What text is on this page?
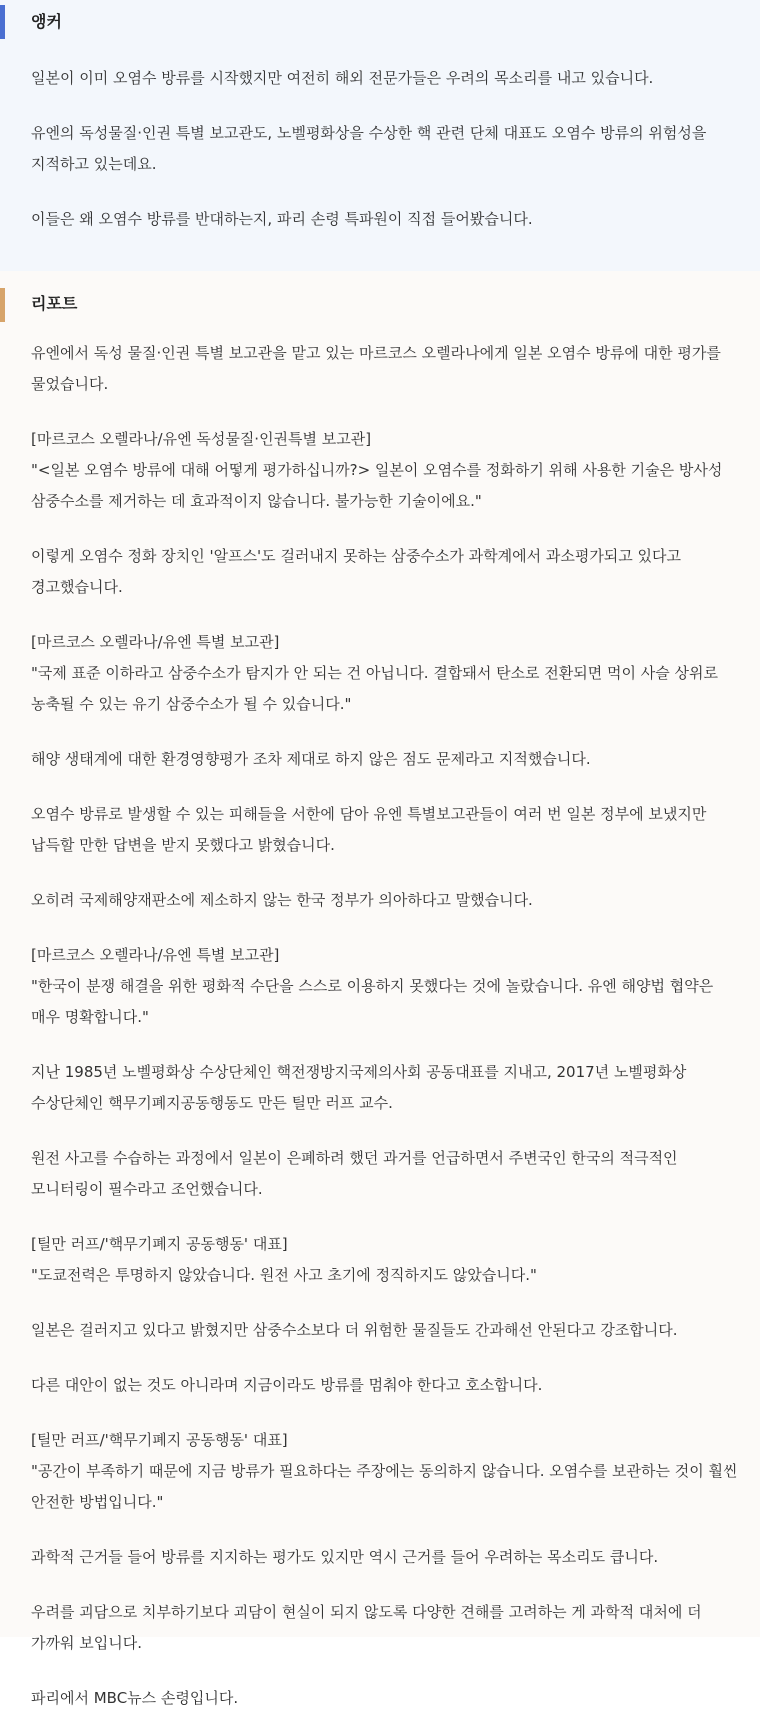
앵커

일본이 이미 오염수 방류를 시작했지만 여전히 해외 전문가들은 우려의 목소리를 내고 있습니다.

유엔의 독성물질·인권 특별 보고관도, 노벨평화상을 수상한 핵 관련 단체 대표도 오염수 방류의 위험성을 지적하고 있는데요.

이들은 왜 오염수 방류를 반대하는지, 파리 손령 특파원이 직접 들어봤습니다.

리포트

유엔에서 독성 물질·인권 특별 보고관을 맡고 있는 마르코스 오렐라나에게 일본 오염수 방류에 대한 평가를 물었습니다.

[마르코스 오렐라나/유엔 독성물질·인권특별 보고관]
"<일본 오염수 방류에 대해 어떻게 평가하십니까?> 일본이 오염수를 정화하기 위해 사용한 기술은 방사성 삼중수소를 제거하는 데 효과적이지 않습니다. 불가능한 기술이에요."

이렇게 오염수 정화 장치인 '알프스'도 걸러내지 못하는 삼중수소가 과학계에서 과소평가되고 있다고 경고했습니다.

[마르코스 오렐라나/유엔 특별 보고관]
"국제 표준 이하라고 삼중수소가 탐지가 안 되는 건 아닙니다. 결합돼서 탄소로 전환되면 먹이 사슬 상위로 농축될 수 있는 유기 삼중수소가 될 수 있습니다."

해양 생태계에 대한 환경영향평가 조차 제대로 하지 않은 점도 문제라고 지적했습니다.

오염수 방류로 발생할 수 있는 피해들을 서한에 담아 유엔 특별보고관들이 여러 번 일본 정부에 보냈지만 납득할 만한 답변을 받지 못했다고 밝혔습니다.

오히려 국제해양재판소에 제소하지 않는 한국 정부가 의아하다고 말했습니다.

[마르코스 오렐라나/유엔 특별 보고관]
"한국이 분쟁 해결을 위한 평화적 수단을 스스로 이용하지 못했다는 것에 놀랐습니다. 유엔 해양법 협약은 매우 명확합니다."

지난 1985년 노벨평화상 수상단체인 핵전쟁방지국제의사회 공동대표를 지내고, 2017년 노벨평화상 수상단체인 핵무기폐지공동행동도 만든 틸만 러프 교수.

원전 사고를 수습하는 과정에서 일본이 은폐하려 했던 과거를 언급하면서 주변국인 한국의 적극적인 모니터링이 필수라고 조언했습니다.

[틸만 러프/'핵무기폐지 공동행동' 대표]
"도쿄전력은 투명하지 않았습니다. 원전 사고 초기에 정직하지도 않았습니다."

일본은 걸러지고 있다고 밝혔지만 삼중수소보다 더 위험한 물질들도 간과해선 안된다고 강조합니다.

다른 대안이 없는 것도 아니라며 지금이라도 방류를 멈춰야 한다고 호소합니다.

[틸만 러프/'핵무기폐지 공동행동' 대표]
"공간이 부족하기 때문에 지금 방류가 필요하다는 주장에는 동의하지 않습니다. 오염수를 보관하는 것이 훨씬 안전한 방법입니다."

과학적 근거들 들어 방류를 지지하는 평가도 있지만 역시 근거를 들어 우려하는 목소리도 큽니다.

우려를 괴담으로 치부하기보다 괴담이 현실이 되지 않도록 다양한 견해를 고려하는 게 과학적 대처에 더 가까워 보입니다.

파리에서 MBC뉴스 손령입니다.
